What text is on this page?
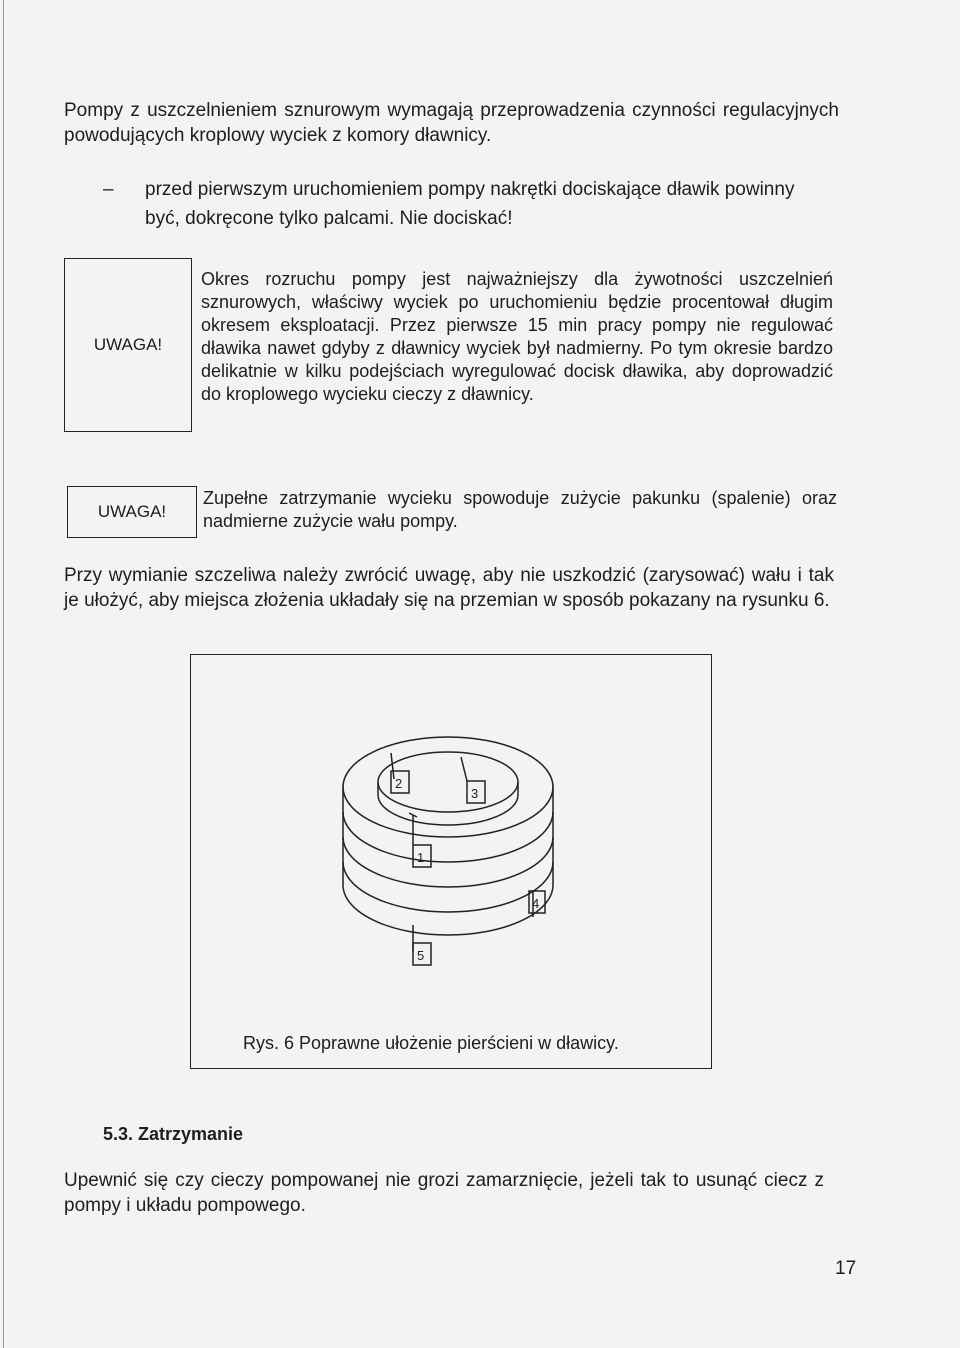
Pompy z uszczelnieniem sznurowym wymagają przeprowadzenia czynności regulacyjnych powodujących kroplowy wyciek z komory dławnicy.

– przed pierwszym uruchomieniem pompy nakrętki dociskające dławik powinny
być, dokręcone tylko palcami. Nie dociskać!
UWAGA!

Okres rozruchu pompy jest najważniejszy dla żywotności uszczelnień sznurowych, właściwy wyciek po uruchomieniu będzie procentował długim okresem eksploatacji. Przez pierwsze 15 min pracy pompy nie regulować dławika nawet gdyby z dławnicy wyciek był nadmierny. Po tym okresie bardzo delikatnie w kilku podejściach wyregulować docisk dławika, aby doprowadzić do kroplowego wycieku cieczy z dławnicy.

UWAGA!

Zupełne zatrzymanie wycieku spowoduje zużycie pakunku (spalenie) oraz nadmierne zużycie wału pompy.

Przy wymianie szczeliwa należy zwrócić uwagę, aby nie uszkodzić (zarysować) wału i tak je ułożyć, aby miejsca złożenia układały się na przemian w sposób pokazany na rysunku 6.

1
2
3
4
5
Rys. 6 Poprawne ułożenie pierścieni w dławicy.
5.3. Zatrzymanie

Upewnić się czy cieczy pompowanej nie grozi zamarznięcie, jeżeli tak to usunąć ciecz z pompy i układu pompowego.

17
